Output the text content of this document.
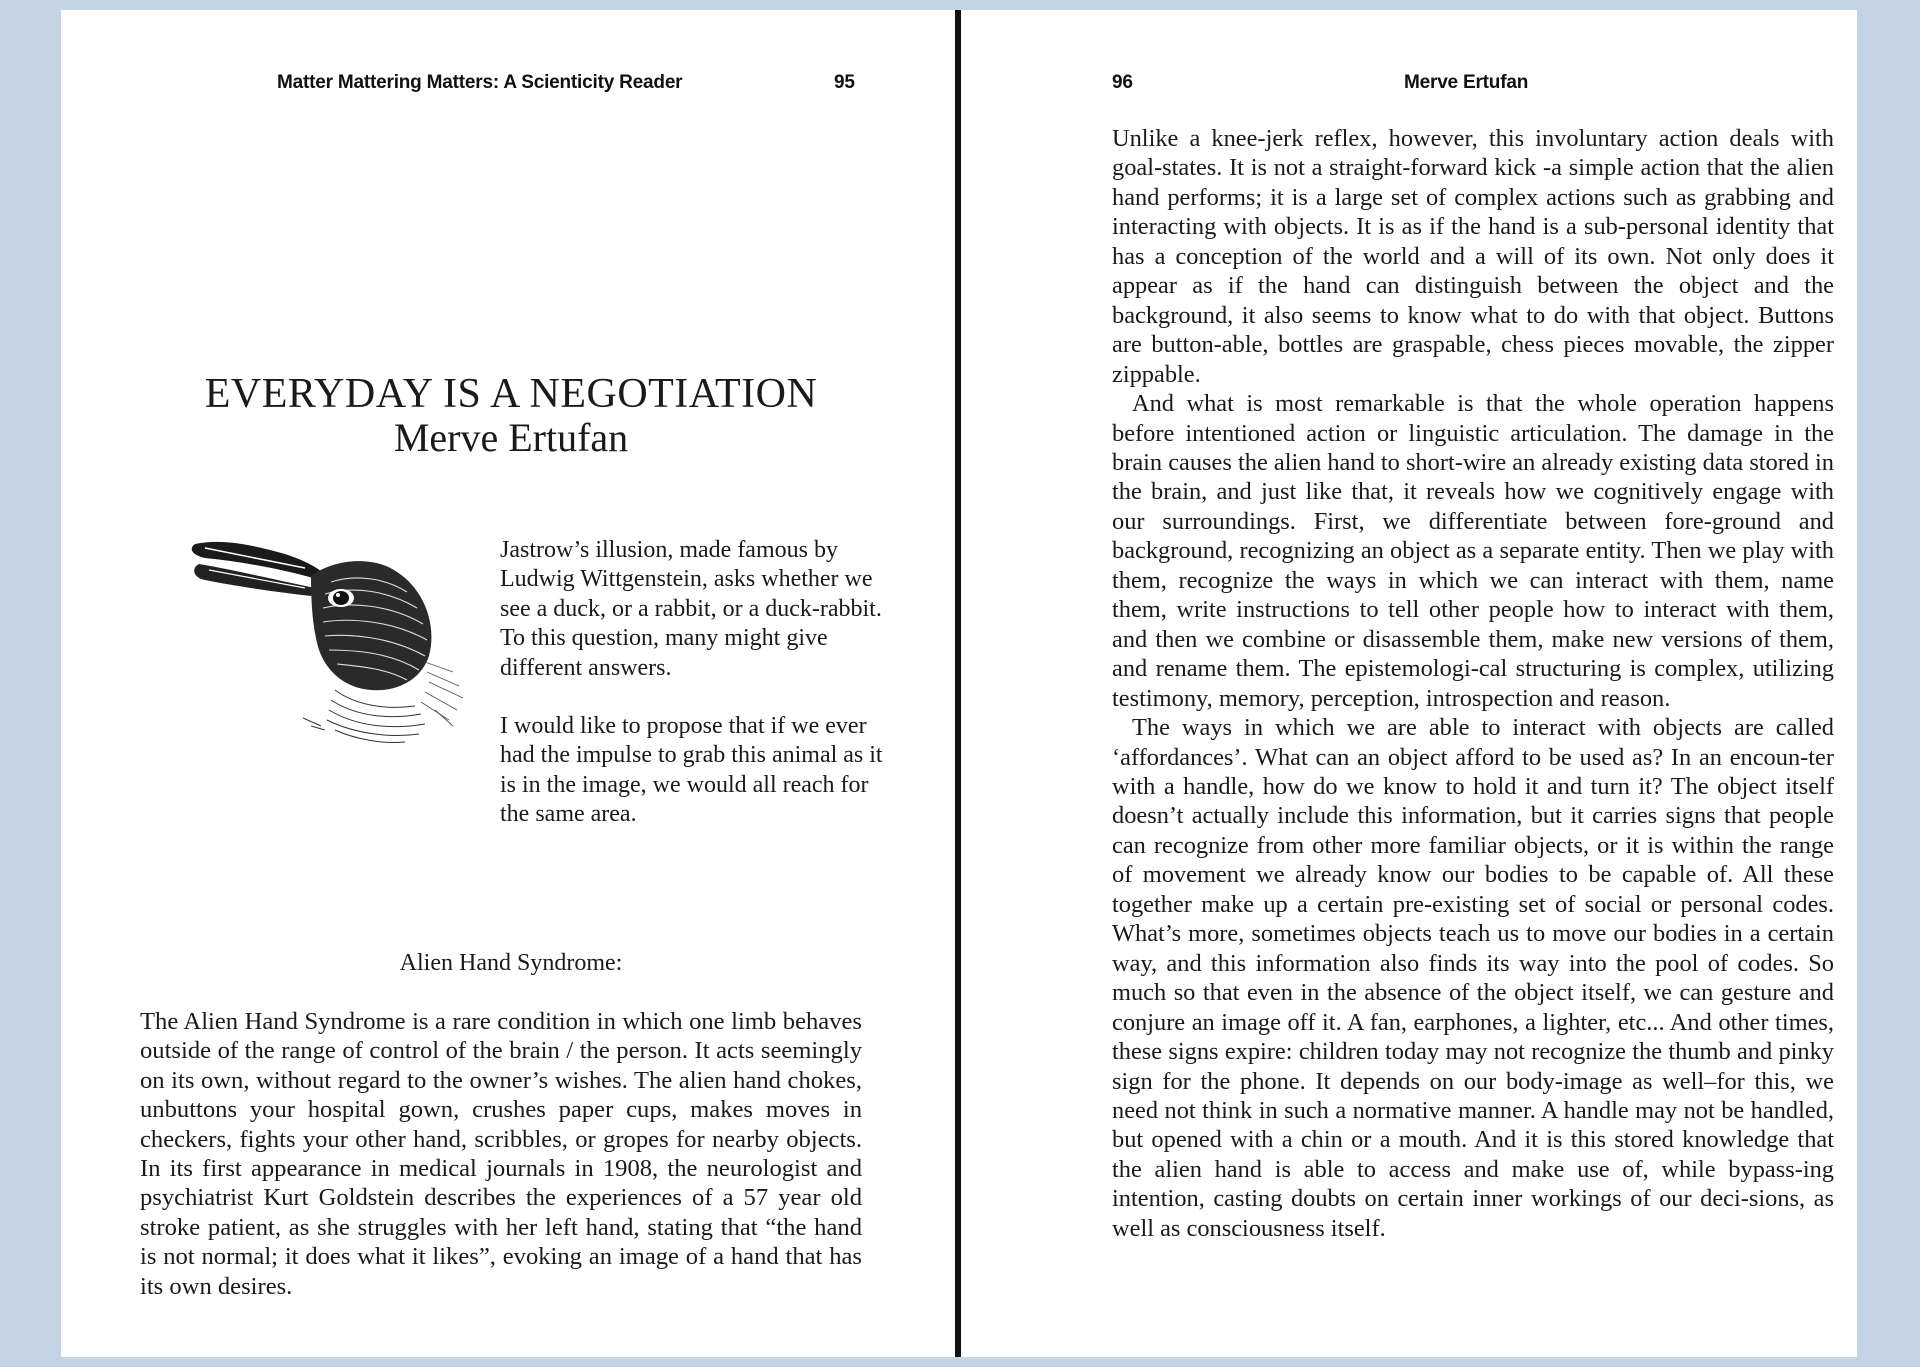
Matter Mattering Matters: A Scienticity Reader	95
EVERYDAY IS A NEGOTIATION
Merve Ertufan

Jastrow’s illusion, made famous by Ludwig Wittgenstein, asks whether we see a duck, or a rabbit, or a duck-rabbit. To this question, many might give different answers.

I would like to propose that if we ever had the impulse to grab this animal as it is in the image, we would all reach for the same area.

Alien Hand Syndrome:

The Alien Hand Syndrome is a rare condition in which one limb behaves outside of the range of control of the brain / the person. It acts seemingly on its own, without regard to the owner’s wishes. The alien hand chokes, unbuttons your hospital gown, crushes paper cups, makes moves in checkers, fights your other hand, scribbles, or gropes for nearby objects. In its first appearance in medical journals in 1908, the neurologist and psychiatrist Kurt Goldstein describes the experiences of a 57 year old stroke patient, as she struggles with her left hand, stating that “the hand is not normal; it does what it likes”, evoking an image of a hand that has its own desires.

96	Merve Ertufan

Unlike a knee-jerk reflex, however, this involuntary action deals with goal-states. It is not a straight-forward kick -a simple action that the alien hand performs; it is a large set of complex actions such as grabbing and interacting with objects. It is as if the hand is a sub-personal identity that has a conception of the world and a will of its own. Not only does it appear as if the hand can distinguish between the object and the background, it also seems to know what to do with that object. Buttons are button-able, bottles are graspable, chess pieces movable, the zipper zippable.

And what is most remarkable is that the whole operation happens before intentioned action or linguistic articulation. The damage in the brain causes the alien hand to short-wire an already existing data stored in the brain, and just like that, it reveals how we cognitively engage with our surroundings. First, we differentiate between fore-ground and background, recognizing an object as a separate entity. Then we play with them, recognize the ways in which we can interact with them, name them, write instructions to tell other people how to interact with them, and then we combine or disassemble them, make new versions of them, and rename them. The epistemologi-cal structuring is complex, utilizing testimony, memory, perception, introspection and reason.

The ways in which we are able to interact with objects are called ‘affordances’. What can an object afford to be used as? In an encoun-ter with a handle, how do we know to hold it and turn it? The object itself doesn’t actually include this information, but it carries signs that people can recognize from other more familiar objects, or it is within the range of movement we already know our bodies to be capable of. All these together make up a certain pre-existing set of social or personal codes. What’s more, sometimes objects teach us to move our bodies in a certain way, and this information also finds its way into the pool of codes. So much so that even in the absence of the object itself, we can gesture and conjure an image off it. A fan, earphones, a lighter, etc... And other times, these signs expire: children today may not recognize the thumb and pinky sign for the phone. It depends on our body-image as well–for this, we need not think in such a normative manner. A handle may not be handled, but opened with a chin or a mouth. And it is this stored knowledge that the alien hand is able to access and make use of, while bypass-ing intention, casting doubts on certain inner workings of our deci-sions, as well as consciousness itself.
